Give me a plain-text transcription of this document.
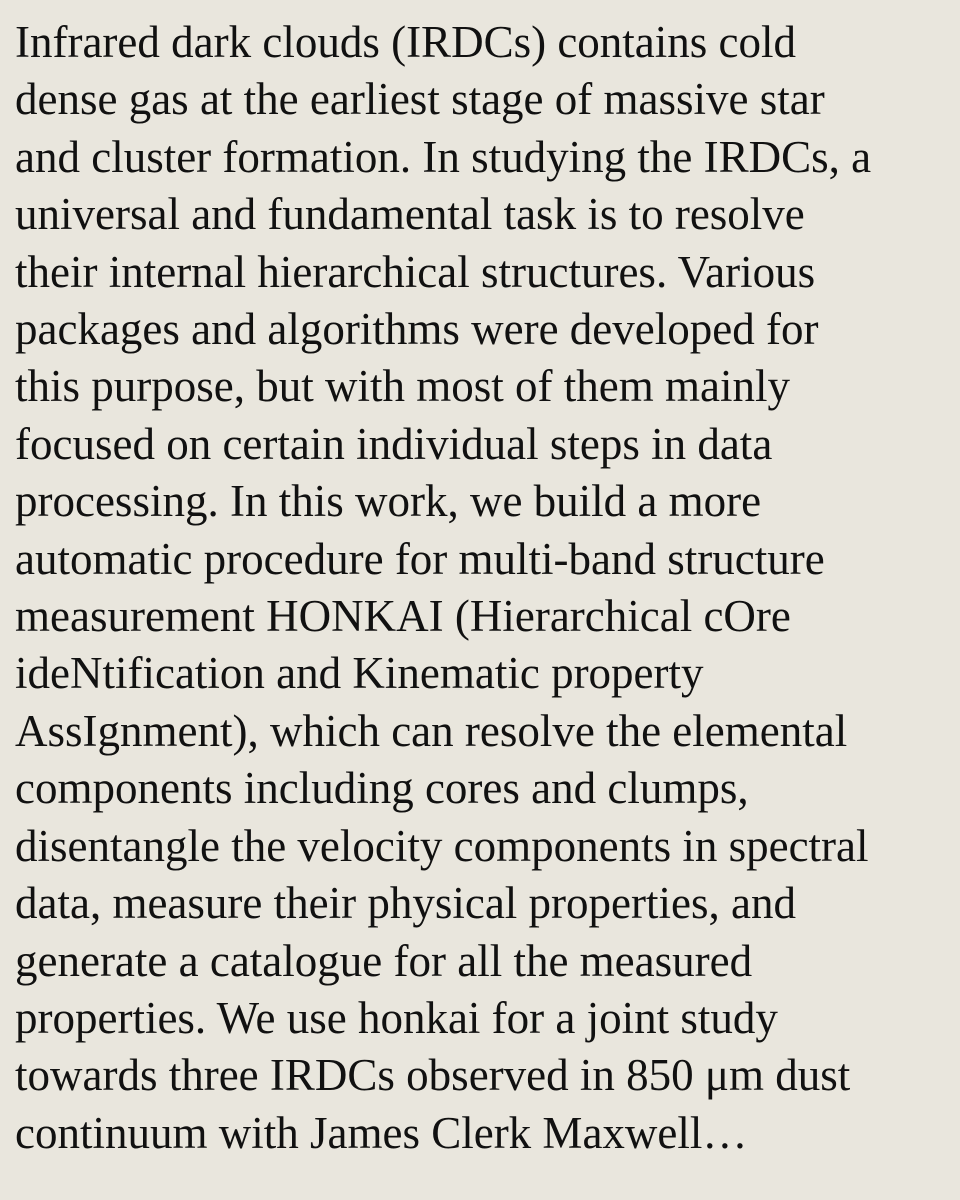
Infrared dark clouds (IRDCs) contains cold
dense gas at the earliest stage of massive star
and cluster formation. In studying the IRDCs, a
universal and fundamental task is to resolve
their internal hierarchical structures. Various
packages and algorithms were developed for
this purpose, but with most of them mainly
focused on certain individual steps in data
processing. In this work, we build a more
automatic procedure for multi-band structure
measurement HONKAI (Hierarchical cOre
ideNtification and Kinematic property
AssIgnment), which can resolve the elemental
components including cores and clumps,
disentangle the velocity components in spectral
data, measure their physical properties, and
generate a catalogue for all the measured
properties. We use honkai for a joint study
towards three IRDCs observed in 850 μm dust
continuum with James Clerk Maxwell…
